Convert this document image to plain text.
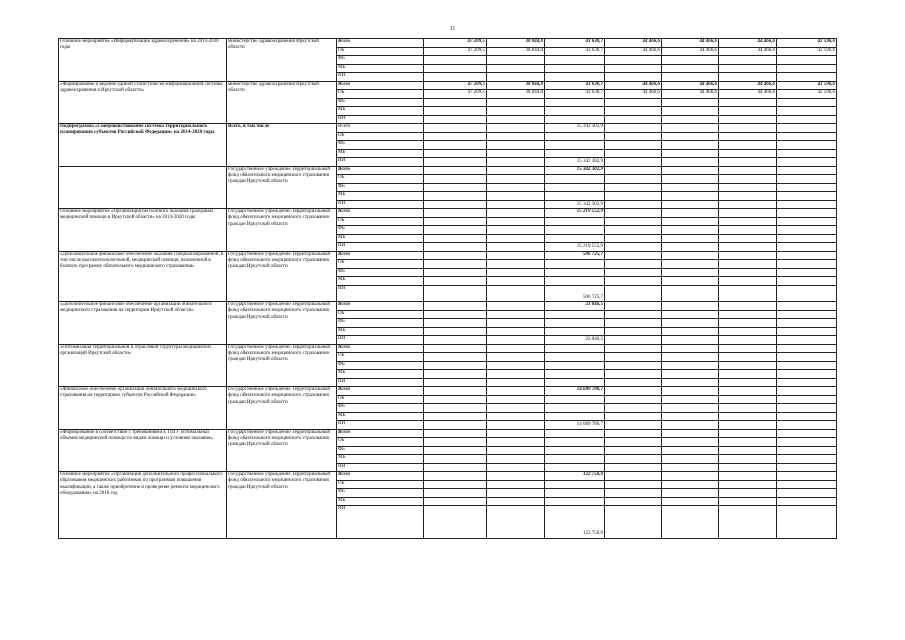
11
Основное мероприятие «Информатизация здравоохранения» на 2014-2020 годы	министерство здравоохранения Иркутской области	Всего	47 209,5	38 844,8	43 638,7	44 466,6	44 466,6	44 466,6	42 596,6
		ОБ	47 209,5	38 844,8	43 638,7	44 466,6	44 466,6	44 466,6	42 596,6
		ФБ							
		МБ							
		ИИ							
«Формирование и ведение единой статистическо-информационной системы здравоохранения в Иркутской области»	министерство здравоохранения Иркутской области	Всего	47 209,5	38 844,8	43 638,7	44 466,6	44 466,6	44 466,6	42 596,6
		ОБ	47 209,5	38 844,8	43 638,7	44 466,6	44 466,6	44 466,6	42 596,6
		ФБ							
		МБ							
		ИИ							
Подпрограмма «Совершенствование системы территориального планирования субъектов Российской Федерации» на 2014-2020 годы	Всего, в том числе	Всего			15 342 302,9				
		ОБ							
		ФБ							
		МБ							
		ИИ			15 342 302,9				
	Государственное учреждение Территориальный фонд обязательного медицинского страхования граждан Иркутской области	Всего			15 342 302,9				
		ОБ							
		ФБ							
		МБ							
		ИИ			15 342 302,9				
Основное мероприятие «Организация бесплатного оказания гражданам медицинской помощи в Иркутской области» на 2014-2020 годы	Государственное учреждение Территориальный фонд обязательного медицинского страхования граждан Иркутской области	Всего			15 219 552,9				
		ОБ							
		ФБ							
		МБ							
		ИИ			15 219 552,9				
«Дополнительное финансовое обеспечение оказания специализированной, в том числе высокотехнологичной, медицинской помощи, включенной в базовую программу обязательного медицинского страхования»	Государственное учреждение Территориальный фонд обязательного медицинского страхования граждан Иркутской области	Всего			506 725,7				
		ОБ							
		ФБ							
		МБ							
		ИИ			506 725,7				
«Дополнительное финансовое обеспечение организации обязательного медицинского страхования на территории Иркутской области»	Государственное учреждение Территориальный фонд обязательного медицинского страхования граждан Иркутской области	Всего			23 046,5				
		ОБ							
		ФБ							
		МБ							
		ИИ			23 046,5				
«Оптимизация территориальной и отраслевой структуры медицинских организаций Иркутской области»	Государственное учреждение Территориальный фонд обязательного медицинского страхования граждан Иркутской области	Всего							
		ОБ							
		ФБ							
		МБ							
		ИИ							
«Финансовое обеспечение организации обязательного медицинского страхования на территориях субъектов Российской Федерации»	Государственное учреждение Территориальный фонд обязательного медицинского страхования граждан Иркутской области	Всего			14 689 780,7				
		ОБ							
		ФБ							
		МБ							
		ИИ			14 689 780,7				
«Формирование в соответствии с требованиями к ТПГГ оптимальных объемов медицинской помощи по видам помощи и условиям оказания»	Государственное учреждение Территориальный фонд обязательного медицинского страхования граждан Иркутской области	Всего							
		ОБ							
		ФБ							
		МБ							
		ИИ							
Основное мероприятие «Организация дополнительного профессионального образования медицинских работников по программам повышения квалификации, а также приобретение и проведение ремонта медицинского оборудования» на 2016 год	Государственное учреждение Территориальный фонд обязательного медицинского страхования граждан Иркутской области	Всего			122 750,0				
		ОБ							
		ФБ							
		МБ							
		ИИ			122 750,0				
